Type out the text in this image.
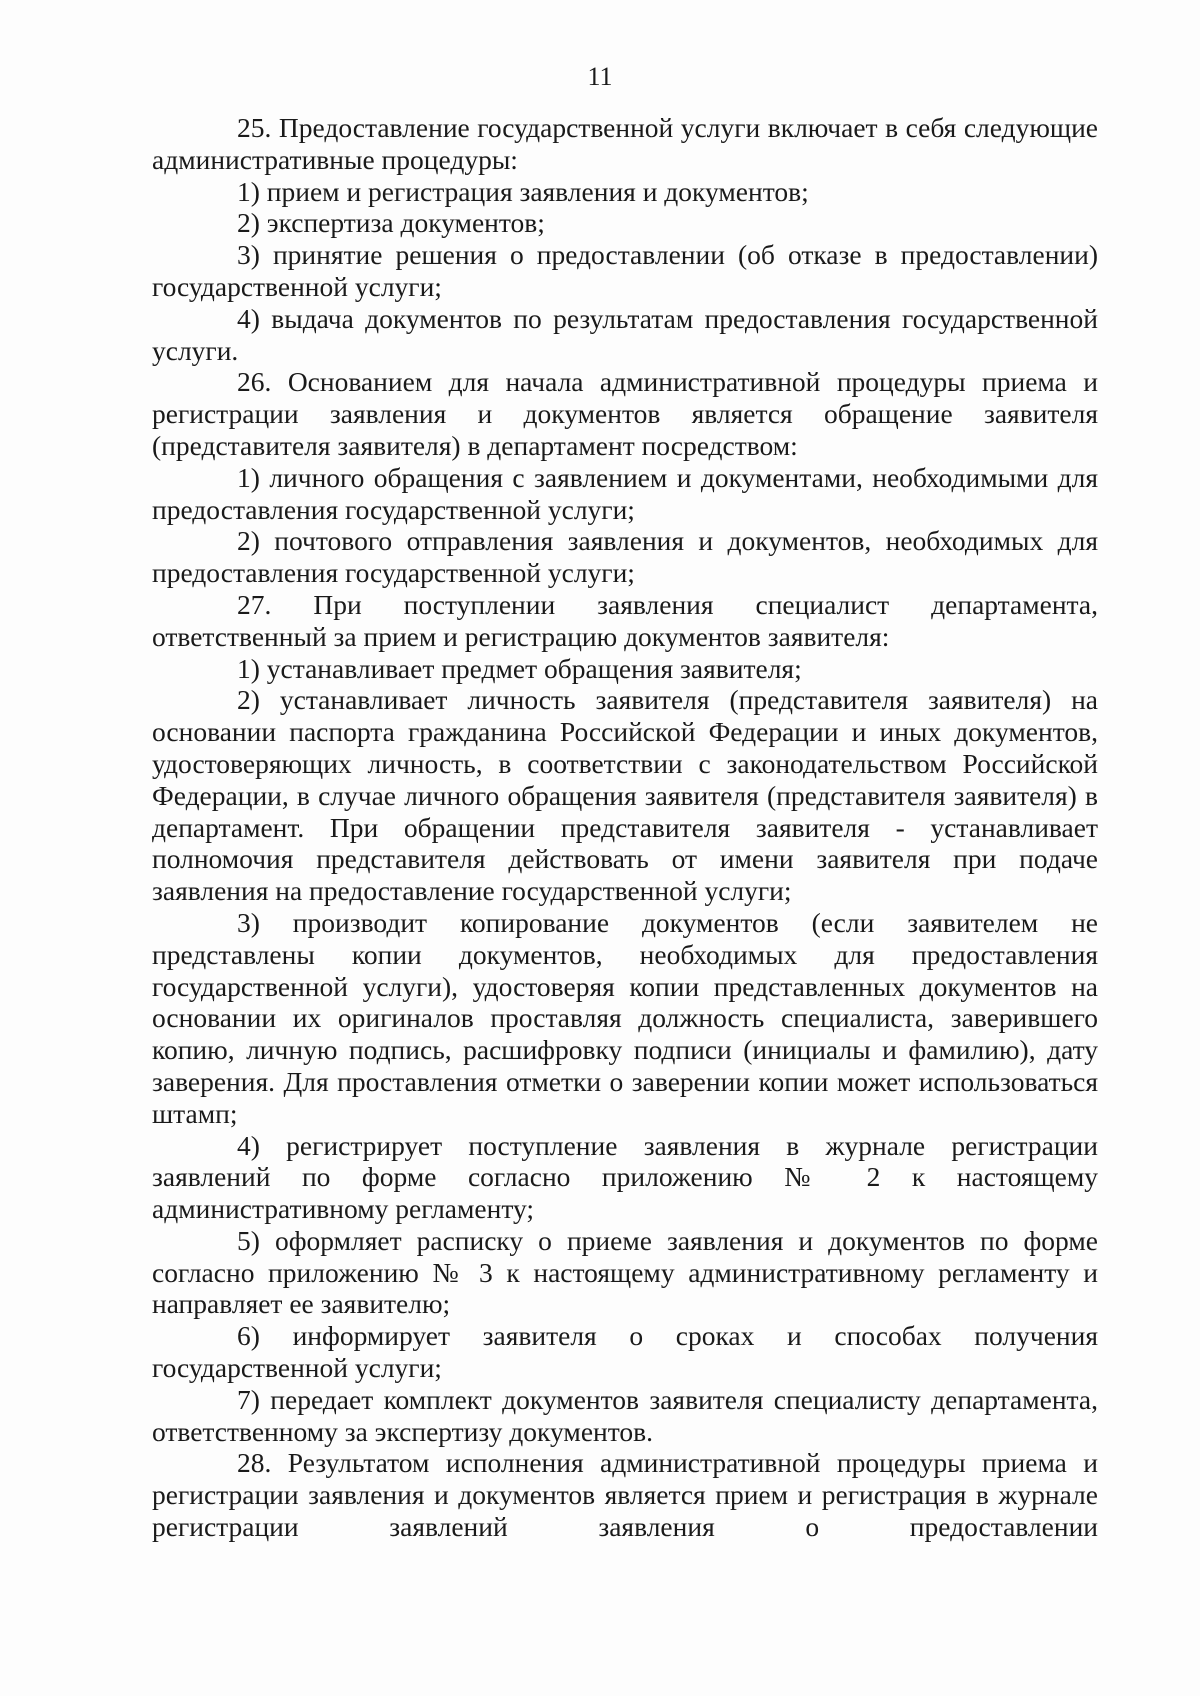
11

25. Предоставление государственной услуги включает в себя следующие административные процедуры:

1) прием и регистрация заявления и документов;

2) экспертиза документов;

3) принятие решения о предоставлении (об отказе в предоставлении) государственной услуги;

4) выдача документов по результатам предоставления государственной услуги.

26. Основанием для начала административной процедуры приема и регистрации заявления и документов является обращение заявителя (представителя заявителя) в департамент посредством:

1) личного обращения с заявлением и документами, необходимыми для предоставления государственной услуги;

2) почтового отправления заявления и документов, необходимых для предоставления государственной услуги;

27. При поступлении заявления специалист департамента, ответственный за прием и регистрацию документов заявителя:

1) устанавливает предмет обращения заявителя;

2) устанавливает личность заявителя (представителя заявителя) на основании паспорта гражданина Российской Федерации и иных документов, удостоверяющих личность, в соответствии с законодательством Российской Федерации, в случае личного обращения заявителя (представителя заявителя) в департамент. При обращении представителя заявителя - устанавливает полномочия представителя действовать от имени заявителя при подаче заявления на предоставление государственной услуги;

3) производит копирование документов (если заявителем не представлены копии документов, необходимых для предоставления государственной услуги), удостоверяя копии представленных документов на основании их оригиналов проставляя должность специалиста, заверившего копию, личную подпись, расшифровку подписи (инициалы и фамилию), дату заверения. Для проставления отметки о заверении копии может использоваться штамп;

4) регистрирует поступление заявления в журнале регистрации заявлений по форме согласно приложению № 2 к настоящему административному регламенту;

5) оформляет расписку о приеме заявления и документов по форме согласно приложению № 3 к настоящему административному регламенту и направляет ее заявителю;

6) информирует заявителя о сроках и способах получения государственной услуги;

7) передает комплект документов заявителя специалисту департамента, ответственному за экспертизу документов.

28. Результатом исполнения административной процедуры приема и регистрации заявления и документов является прием и регистрация в журнале регистрации заявлений заявления о предоставлении
